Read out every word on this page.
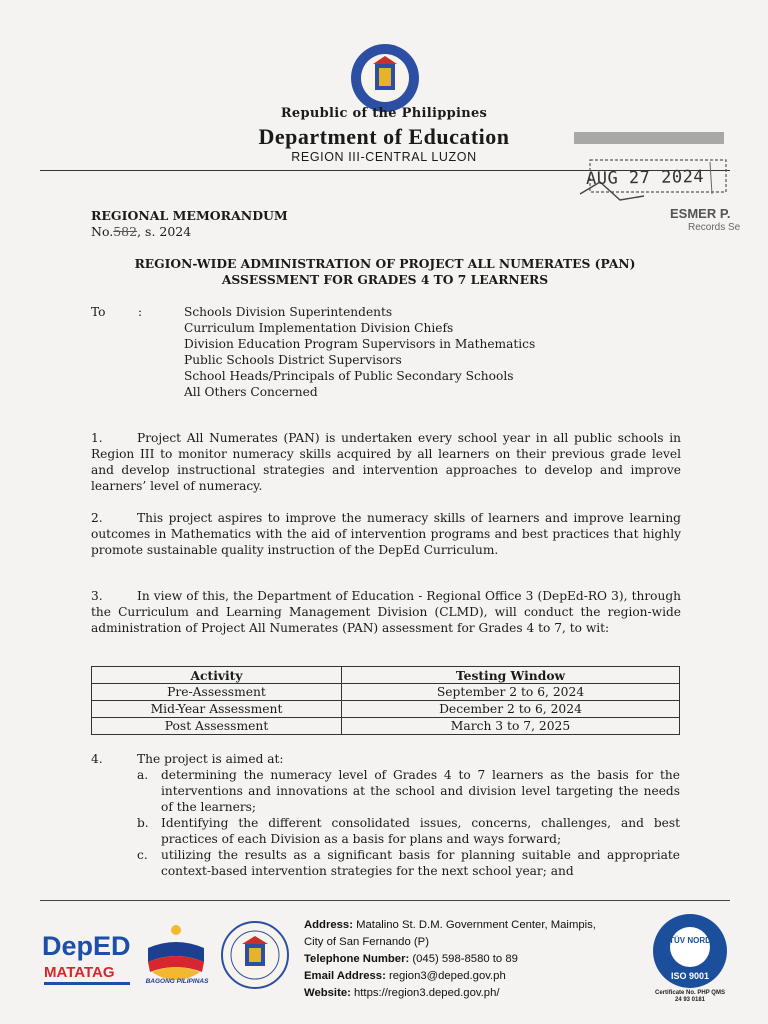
Republic of the Philippines
Department of Education
REGION III-CENTRAL LUZON
AUG 27 2024
ESMER P.
Records Se
REGIONAL MEMORANDUM
No.582, s. 2024
REGION-WIDE ADMINISTRATION OF PROJECT ALL NUMERATES (PAN)
ASSESSMENT FOR GRADES 4 TO 7 LEARNERS
To	:	Schools Division Superintendents
Curriculum Implementation Division Chiefs
Division Education Program Supervisors in Mathematics
Public Schools District Supervisors
School Heads/Principals of Public Secondary Schools
All Others Concerned
1.	Project All Numerates (PAN) is undertaken every school year in all public schools in Region III to monitor numeracy skills acquired by all learners on their previous grade level and develop instructional strategies and intervention approaches to develop and improve learners’ level of numeracy.
2.	This project aspires to improve the numeracy skills of learners and improve learning outcomes in Mathematics with the aid of intervention programs and best practices that highly promote sustainable quality instruction of the DepEd Curriculum.
3.	In view of this, the Department of Education - Regional Office 3 (DepEd-RO 3), through the Curriculum and Learning Management Division (CLMD), will conduct the region-wide administration of Project All Numerates (PAN) assessment for Grades 4 to 7, to wit:
Activity	Testing Window
Pre-Assessment	September 2 to 6, 2024
Mid-Year Assessment	December 2 to 6, 2024
Post Assessment	March 3 to 7, 2025
4.	The project is aimed at:
a. determining the numeracy level of Grades 4 to 7 learners as the basis for the interventions and innovations at the school and division level targeting the needs of the learners;
b. Identifying the different consolidated issues, concerns, challenges, and best practices of each Division as a basis for plans and ways forward;
c. utilizing the results as a significant basis for planning suitable and appropriate context-based intervention strategies for the next school year; and
DepED
MATATAG
BAGONG PILIPINAS
Address: Matalino St. D.M. Government Center, Maimpis,
City of San Fernando (P)
Telephone Number: (045) 598-8580 to 89
Email Address: region3@deped.gov.ph
Website: https://region3.deped.gov.ph/
TÜV NORD
ISO 9001
Certificate No. PHP QMS
24 93 0181
